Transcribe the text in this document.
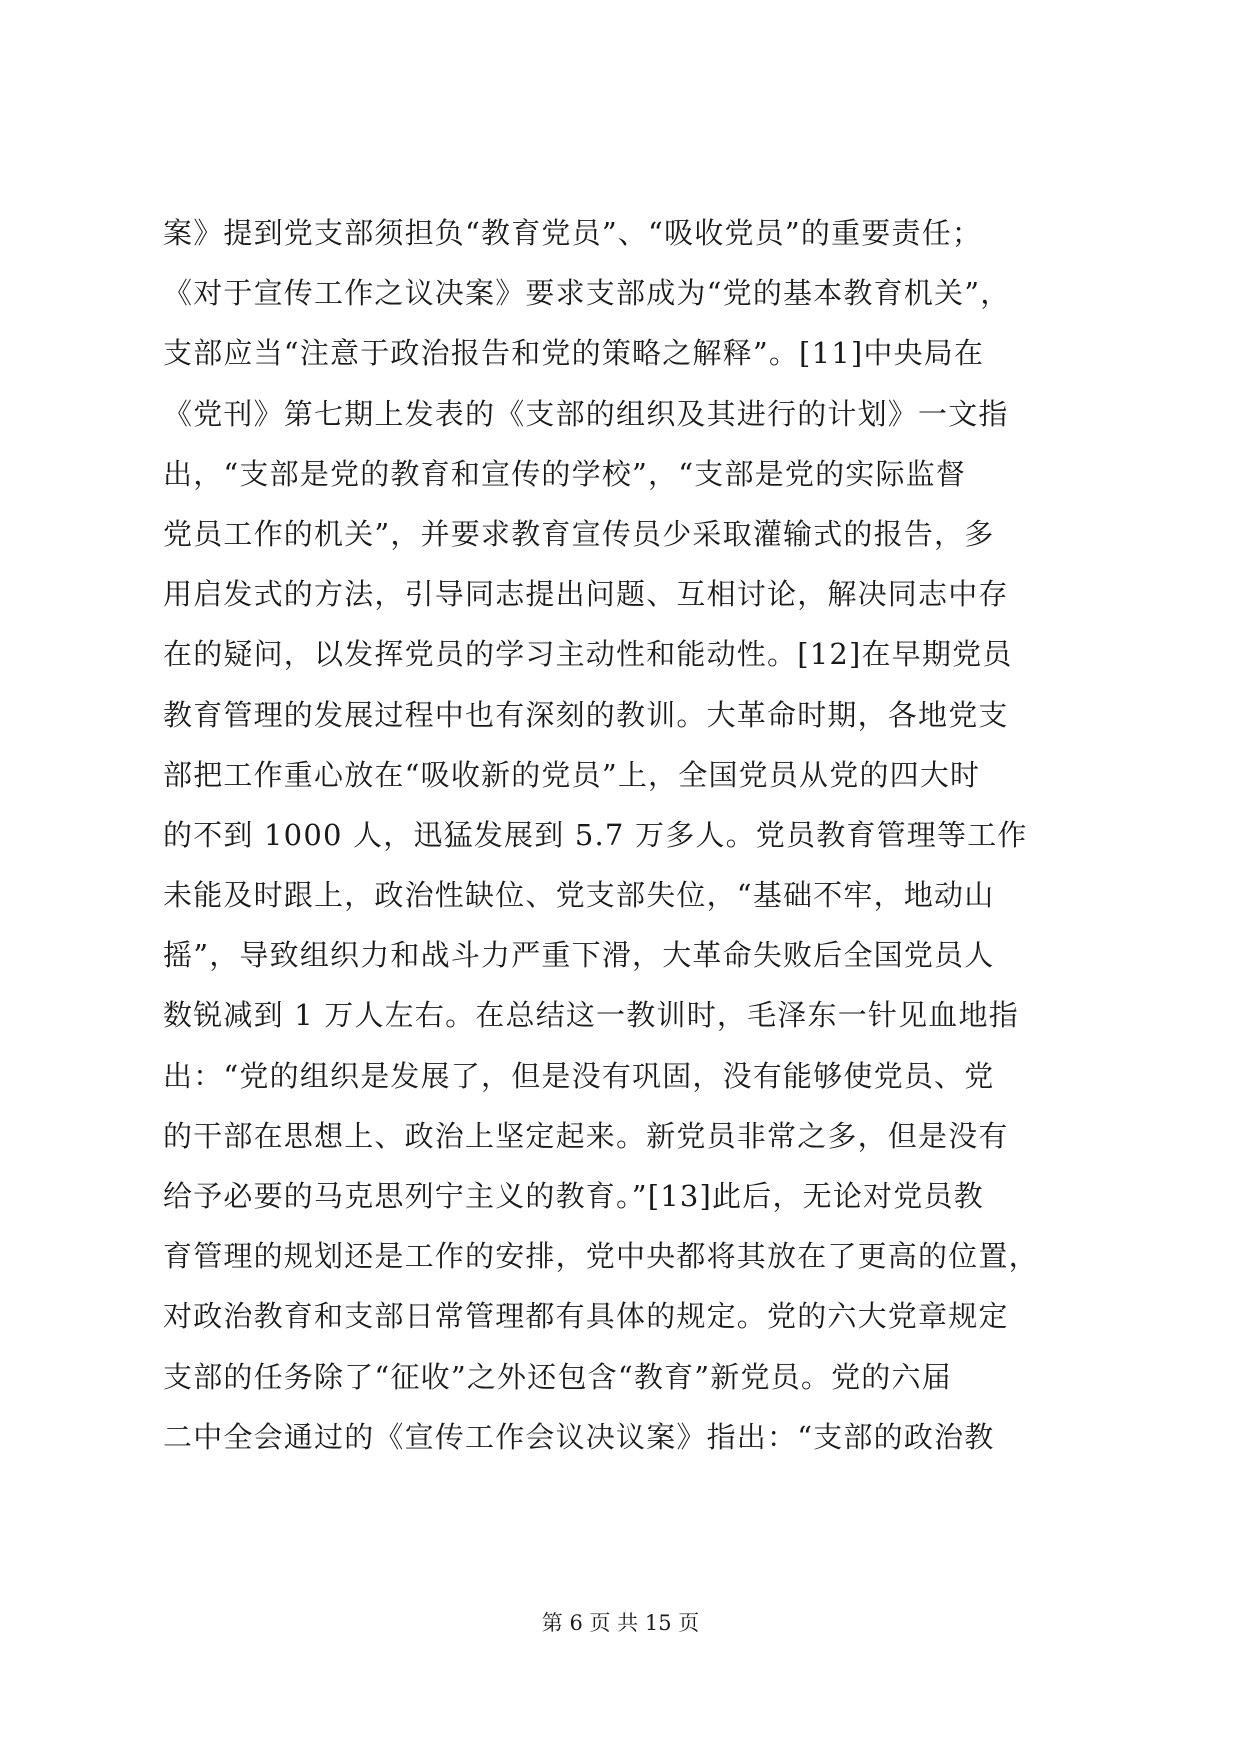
案》提到党支部须担负“教育党员”、“吸收党员”的重要责任；
《对于宣传工作之议决案》要求支部成为“党的基本教育机关”，
支部应当“注意于政治报告和党的策略之解释”。[11]中央局在
《党刊》第七期上发表的《支部的组织及其进行的计划》一文指
出，“支部是党的教育和宣传的学校”，“支部是党的实际监督
党员工作的机关”，并要求教育宣传员少采取灌输式的报告，多
用启发式的方法，引导同志提出问题、互相讨论，解决同志中存
在的疑问，以发挥党员的学习主动性和能动性。[12]在早期党员
教育管理的发展过程中也有深刻的教训。大革命时期，各地党支
部把工作重心放在“吸收新的党员”上，全国党员从党的四大时
的不到 1000 人，迅猛发展到 5.7 万多人。党员教育管理等工作
未能及时跟上，政治性缺位、党支部失位，“基础不牢，地动山
摇”，导致组织力和战斗力严重下滑，大革命失败后全国党员人
数锐减到 1 万人左右。在总结这一教训时，毛泽东一针见血地指
出：“党的组织是发展了，但是没有巩固，没有能够使党员、党
的干部在思想上、政治上坚定起来。新党员非常之多，但是没有
给予必要的马克思列宁主义的教育。”[13]此后，无论对党员教
育管理的规划还是工作的安排，党中央都将其放在了更高的位置，
对政治教育和支部日常管理都有具体的规定。党的六大党章规定
支部的任务除了“征收”之外还包含“教育”新党员。党的六届
二中全会通过的《宣传工作会议决议案》指出：“支部的政治教
第 6 页 共 15 页
